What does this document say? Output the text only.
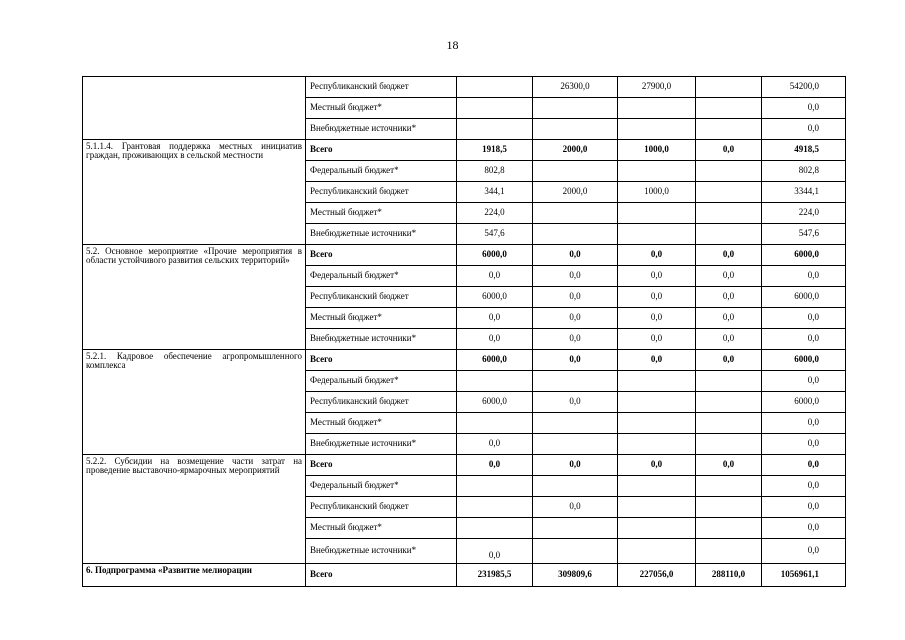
18
	Республиканский бюджет		26300,0	27900,0		54200,0
	Местный бюджет*					0,0
	Внебюджетные источники*					0,0
5.1.1.4. Грантовая поддержка местных инициатив граждан, проживающих в сельской местности	Всего	1918,5	2000,0	1000,0	0,0	4918,5
	Федеральный бюджет*	802,8				802,8
	Республиканский бюджет	344,1	2000,0	1000,0		3344,1
	Местный бюджет*	224,0				224,0
	Внебюджетные источники*	547,6				547,6
5.2. Основное мероприятие «Прочие мероприятия в области устойчивого развития сельских территорий»	Всего	6000,0	0,0	0,0	0,0	6000,0
	Федеральный бюджет*	0,0	0,0	0,0	0,0	0,0
	Республиканский бюджет	6000,0	0,0	0,0	0,0	6000,0
	Местный бюджет*	0,0	0,0	0,0	0,0	0,0
	Внебюджетные источники*	0,0	0,0	0,0	0,0	0,0
5.2.1. Кадровое обеспечение агропромышленного комплекса	Всего	6000,0	0,0	0,0	0,0	6000,0
	Федеральный бюджет*					0,0
	Республиканский бюджет	6000,0	0,0			6000,0
	Местный бюджет*					0,0
	Внебюджетные источники*	0,0				0,0
5.2.2. Субсидии на возмещение части затрат на проведение выставочно-ярмарочных мероприятий	Всего	0,0	0,0	0,0	0,0	0,0
	Федеральный бюджет*					0,0
	Республиканский бюджет		0,0			0,0
	Местный бюджет*					0,0
	Внебюджетные источники*	0,0				0,0
6. Подпрограмма «Развитие мелиорации	Всего	231985,5	309809,6	227056,0	288110,0	1056961,1
